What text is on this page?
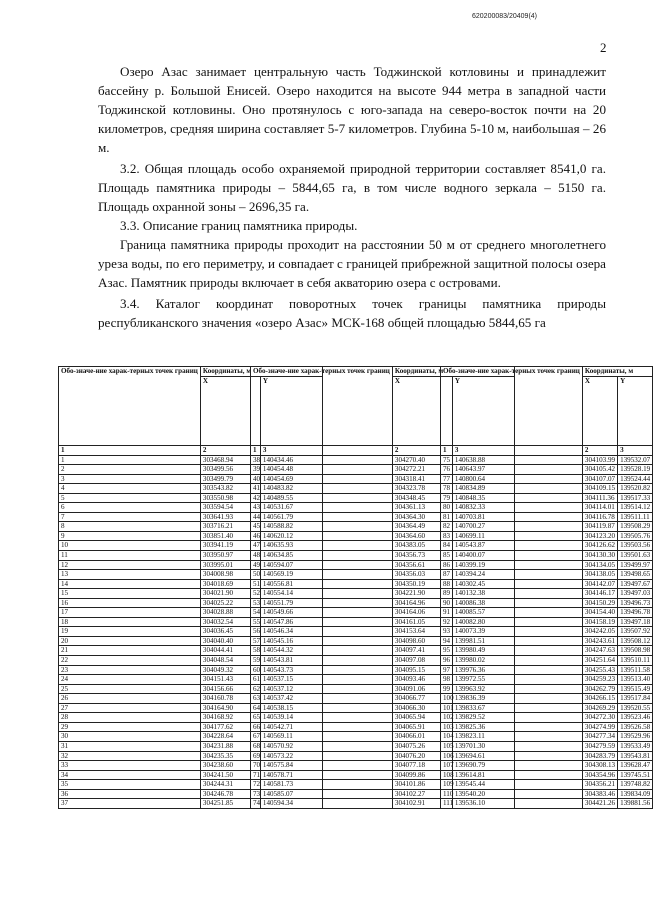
620200083/20409(4)
2

Озеро Азас занимает центральную часть Тоджинской котловины и принадлежит бассейну р. Большой Енисей. Озеро находится на высоте 944 метра в западной части Тоджинской котловины. Оно протянулось с юго-запада на северо-восток почти на 20 километров, средняя ширина составляет 5-7 километров. Глубина 5-10 м, наибольшая – 26 м.

3.2. Общая площадь особо охраняемой природной территории составляет 8541,0 га. Площадь памятника природы – 5844,65 га, в том числе водного зеркала – 5150 га. Площадь охранной зоны – 2696,35 га.

3.3. Описание границ памятника природы.

Граница памятника природы проходит на расстоянии 50 м от среднего многолетнего уреза воды, по его периметру, и совпадает с границей прибрежной защитной полосы озера Азас. Памятник природы включает в себя акваторию озера с островами.

3.4. Каталог координат поворотных точек границы памятника природы республиканского значения «озеро Азас» МСК-168 общей площадью 5844,65 га

Обо-значе-ние харак-терных точек границ	Координаты, м	
	X	Y
1	2	3
1	303468.94	140434.46
2	303499.56	140454.48
3	303499.79	140454.69
4	303543.82	140483.82
5	303550.98	140489.55
6	303594.54	140531.67
7	303641.93	140561.79
8	303716.21	140588.82
9	303851.40	140620.12
10	303941.19	140635.93
11	303950.97	140634.85
12	303995.01	140594.07
13	304008.98	140569.19
14	304018.69	140556.81
15	304021.90	140554.14
16	304025.22	140551.79
17	304028.88	140549.66
18	304032.54	140547.86
19	304036.45	140546.34
20	304040.40	140545.16
21	304044.41	140544.32
22	304048.54	140543.81
23	304049.32	140543.73
24	304151.43	140537.15
25	304156.66	140537.12
26	304160.78	140537.42
27	304164.90	140538.15
28	304168.92	140539.14
29	304177.62	140542.71
30	304228.64	140569.11
31	304231.88	140570.92
32	304235.35	140573.22
33	304238.60	140575.84
34	304241.50	140578.71
35	304244.31	140581.73
36	304246.78	140585.07
37	304251.85	140594.34
Обо-значе-ние харак-терных точек границ	Координаты, м	
	X	Y
1	2	3
38	304270.40	140638.88
39	304272.21	140643.97
40	304318.41	140800.64
41	304323.78	140834.89
42	304348.45	140848.35
43	304361.13	140832.33
44	304364.30	140703.81
45	304364.49	140700.27
46	304364.60	140699.11
47	304383.05	140543.87
48	304356.73	140400.07
49	304356.61	140399.19
50	304356.03	140394.24
51	304350.19	140302.45
52	304221.90	140132.38
53	304164.96	140086.38
54	304164.06	140085.57
55	304161.05	140082.80
56	304153.64	140073.39
57	304098.60	139981.51
58	304097.41	139980.49
59	304097.08	139980.02
60	304095.15	139976.36
61	304093.46	139972.55
62	304091.06	139963.92
63	304066.77	139836.39
64	304066.30	139833.67
65	304065.94	139829.52
66	304065.91	139825.36
67	304066.01	139823.11
68	304075.26	139701.30
69	304076.20	139694.61
70	304077.18	139690.79
71	304099.86	139614.81
72	304101.86	139545.44
73	304102.27	139540.20
74	304102.91	139536.10
Обо-значе-ние харак-терных точек границ	Координаты, м	
	X	Y
1	2	3
75	304103.99	139532.07
76	304105.42	139528.19
77	304107.07	139524.44
78	304109.15	139520.82
79	304111.36	139517.33
80	304114.01	139514.12
81	304116.78	139511.11
82	304119.87	139508.29
83	304123.20	139505.76
84	304126.62	139503.56
85	304130.30	139501.63
86	304134.05	139499.97
87	304138.05	139498.65
88	304142.07	139497.67
89	304146.17	139497.03
90	304150.29	139496.73
91	304154.40	139496.78
92	304158.19	139497.18
93	304242.05	139507.92
94	304243.61	139508.12
95	304247.63	139508.98
96	304251.64	139510.11
97	304255.43	139511.58
98	304259.23	139513.40
99	304262.79	139515.49
100	304266.15	139517.84
101	304269.29	139520.55
102	304272.30	139523.46
103	304274.99	139526.58
104	304277.34	139529.96
105	304279.59	139533.49
106	304283.79	139543.81
107	304308.13	139628.47
108	304354.96	139745.51
109	304356.21	139748.82
110	304383.46	139834.09
111	304421.26	139881.56
